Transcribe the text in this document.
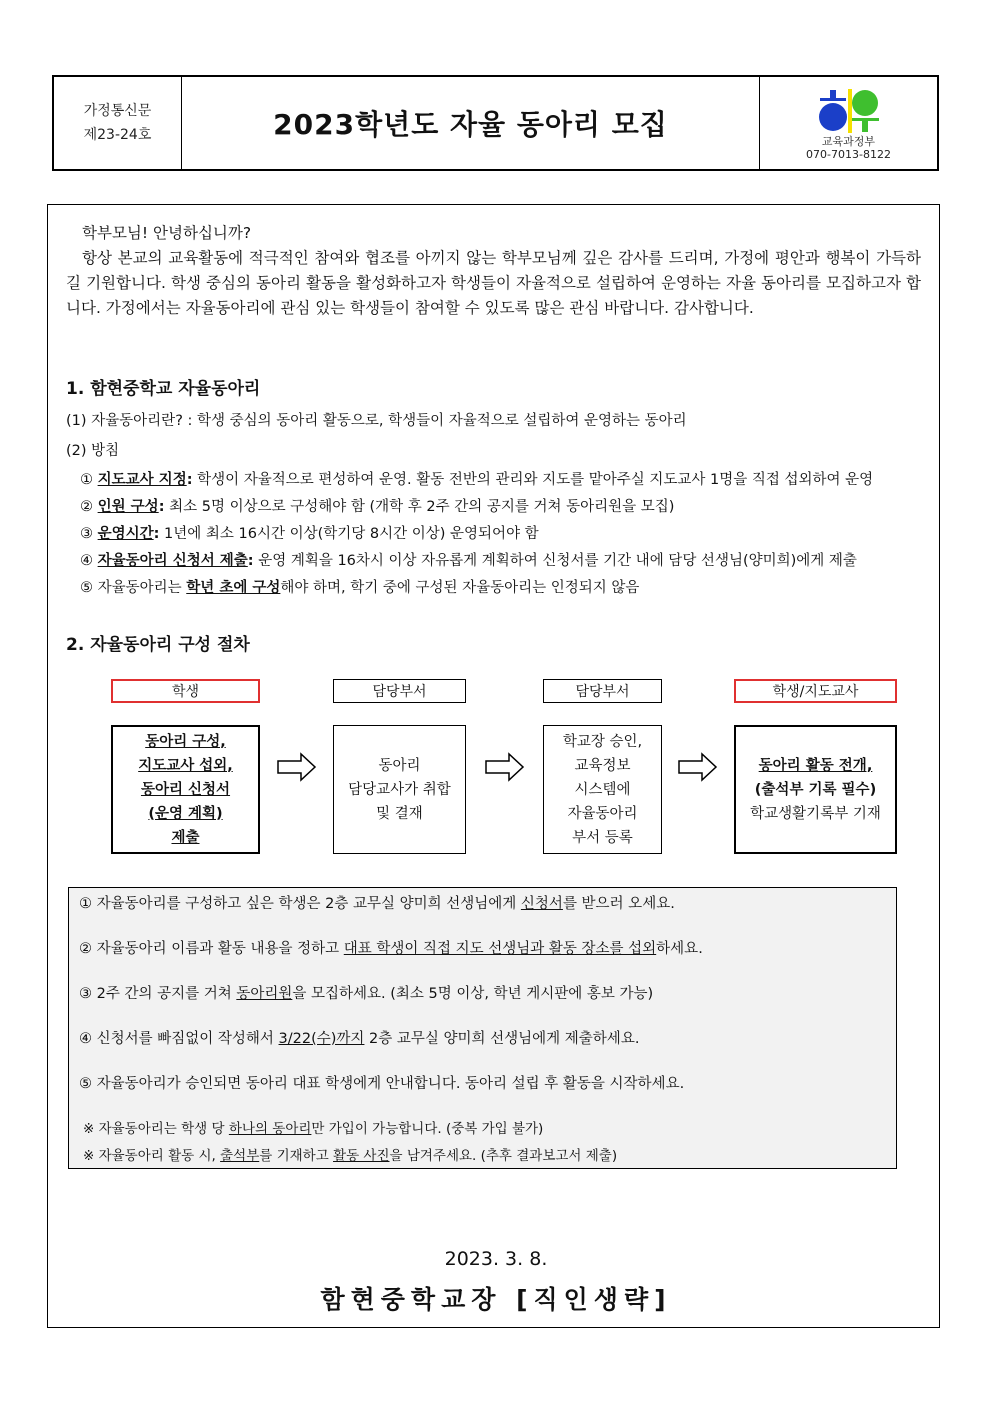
가정통신문
제23-24호	2023학년도 자율 동아리 모집
교육과정부
070-7013-8122
학부모님! 안녕하십니까?
항상 본교의 교육활동에 적극적인 참여와 협조를 아끼지 않는 학부모님께 깊은 감사를 드리며, 가정에 평안과 행복이 가득하길 기원합니다. 학생 중심의 동아리 활동을 활성화하고자 학생들이 자율적으로 설립하여 운영하는 자율 동아리를 모집하고자 합니다. 가정에서는 자율동아리에 관심 있는 학생들이 참여할 수 있도록 많은 관심 바랍니다. 감사합니다.
1. 함현중학교 자율동아리
(1) 자율동아리란? : 학생 중심의 동아리 활동으로, 학생들이 자율적으로 설립하여 운영하는 동아리
(2) 방침
① 지도교사 지정: 학생이 자율적으로 편성하여 운영. 활동 전반의 관리와 지도를 맡아주실 지도교사 1명을 직접 섭외하여 운영
② 인원 구성: 최소 5명 이상으로 구성해야 함 (개학 후 2주 간의 공지를 거쳐 동아리원을 모집)
③ 운영시간: 1년에 최소 16시간 이상(학기당 8시간 이상) 운영되어야 함
④ 자율동아리 신청서 제출: 운영 계획을 16차시 이상 자유롭게 계획하여 신청서를 기간 내에 담당 선생님(양미희)에게 제출
⑤ 자율동아리는 학년 초에 구성해야 하며, 학기 중에 구성된 자율동아리는 인정되지 않음
2. 자율동아리 구성 절차
학생	담당부서	담당부서	학생/지도교사
동아리 구성,
지도교사 섭외,
동아리 신청서
(운영 계획)
제출
동아리
담당교사가 취합
및 결재
학교장 승인,
교육정보
시스템에
자율동아리
부서 등록
동아리 활동 전개,
(출석부 기록 필수)
학교생활기록부 기재
① 자율동아리를 구성하고 싶은 학생은 2층 교무실 양미희 선생님에게 신청서를 받으러 오세요.
② 자율동아리 이름과 활동 내용을 정하고 대표 학생이 직접 지도 선생님과 활동 장소를 섭외하세요.
③ 2주 간의 공지를 거쳐 동아리원을 모집하세요. (최소 5명 이상, 학년 게시판에 홍보 가능)
④ 신청서를 빠짐없이 작성해서 3/22(수)까지 2층 교무실 양미희 선생님에게 제출하세요.
⑤ 자율동아리가 승인되면 동아리 대표 학생에게 안내합니다. 동아리 설립 후 활동을 시작하세요.
※ 자율동아리는 학생 당 하나의 동아리만 가입이 가능합니다. (중복 가입 불가)
※ 자율동아리 활동 시, 출석부를 기재하고 활동 사진을 남겨주세요. (추후 결과보고서 제출)
2023. 3. 8.
함현중학교장 [직인생략]
